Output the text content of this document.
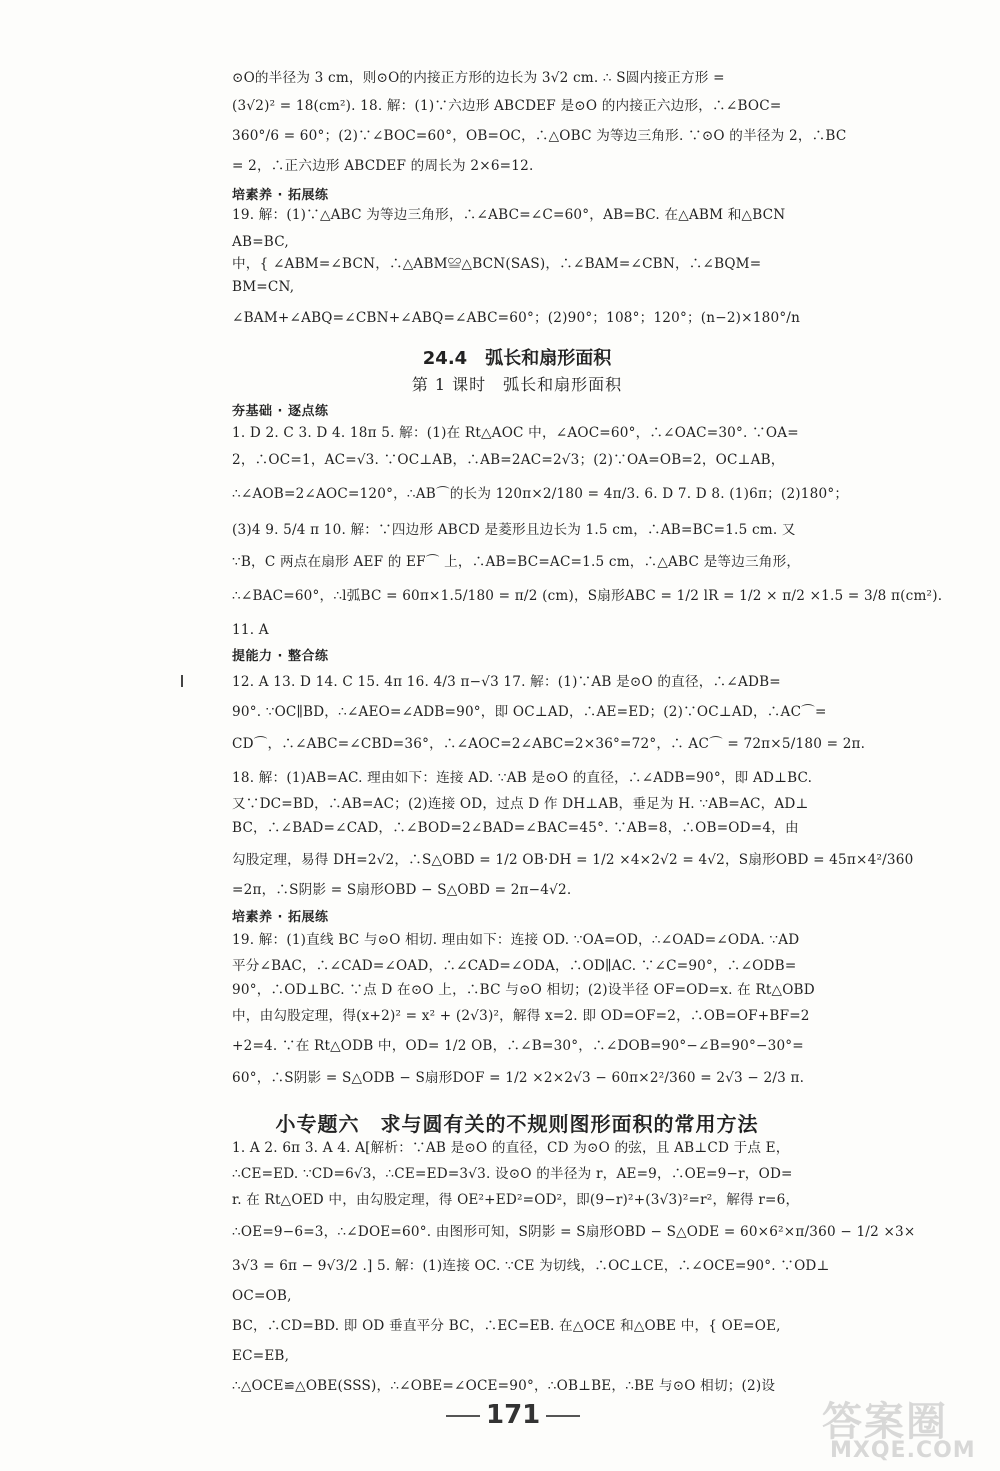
⊙O的半径为 3 cm，则⊙O的内接正方形的边长为 3√2 cm. ∴ S圆内接正方形 =
(3√2)² = 18(cm²). 18. 解：(1)∵六边形 ABCDEF 是⊙O 的内接正六边形，∴∠BOC=
360°/6 = 60°；(2)∵∠BOC=60°，OB=OC，∴△OBC 为等边三角形. ∵⊙O 的半径为 2，∴BC
= 2，∴正六边形 ABCDEF 的周长为 2×6=12.
培素养 · 拓展练
19. 解：(1)∵△ABC 为等边三角形，∴∠ABC=∠C=60°，AB=BC. 在△ABM 和△BCN
AB=BC,
中，{ ∠ABM=∠BCN，∴△ABM≌△BCN(SAS)，∴∠BAM=∠CBN，∴∠BQM=
BM=CN,
∠BAM+∠ABQ=∠CBN+∠ABQ=∠ABC=60°；(2)90°；108°；120°；(n−2)×180°/n
24.4　弧长和扇形面积
第 1 课时　弧长和扇形面积
夯基础 · 逐点练
1. D 2. C 3. D 4. 18π 5. 解：(1)在 Rt△AOC 中，∠AOC=60°，∴∠OAC=30°. ∵OA=
2，∴OC=1，AC=√3. ∵OC⊥AB，∴AB=2AC=2√3；(2)∵OA=OB=2，OC⊥AB，
∴∠AOB=2∠AOC=120°，∴AB⌒的长为 120π×2/180 = 4π/3. 6. D 7. D 8. (1)6π；(2)180°；
(3)4 9. 5/4 π 10. 解：∵四边形 ABCD 是菱形且边长为 1.5 cm，∴AB=BC=1.5 cm. 又
∵B，C 两点在扇形 AEF 的 EF⌒ 上，∴AB=BC=AC=1.5 cm，∴△ABC 是等边三角形，
∴∠BAC=60°，∴l弧BC = 60π×1.5/180 = π/2 (cm)，S扇形ABC = 1/2 lR = 1/2 × π/2 ×1.5 = 3/8 π(cm²).
11. A
提能力 · 整合练
12. A 13. D 14. C 15. 4π 16. 4/3 π−√3 17. 解：(1)∵AB 是⊙O 的直径，∴∠ADB=
90°. ∵OC∥BD，∴∠AEO=∠ADB=90°，即 OC⊥AD，∴AE=ED；(2)∵OC⊥AD，∴AC⌒=
CD⌒，∴∠ABC=∠CBD=36°，∴∠AOC=2∠ABC=2×36°=72°，∴ AC⌒ = 72π×5/180 = 2π.
18. 解：(1)AB=AC. 理由如下：连接 AD. ∵AB 是⊙O 的直径，∴∠ADB=90°，即 AD⊥BC.
又∵DC=BD，∴AB=AC；(2)连接 OD，过点 D 作 DH⊥AB，垂足为 H. ∵AB=AC，AD⊥
BC，∴∠BAD=∠CAD，∴∠BOD=2∠BAD=∠BAC=45°. ∵AB=8，∴OB=OD=4，由
勾股定理，易得 DH=2√2，∴S△OBD = 1/2 OB·DH = 1/2 ×4×2√2 = 4√2，S扇形OBD = 45π×4²/360
=2π，∴S阴影 = S扇形OBD − S△OBD = 2π−4√2.
培素养 · 拓展练
19. 解：(1)直线 BC 与⊙O 相切. 理由如下：连接 OD. ∵OA=OD，∴∠OAD=∠ODA. ∵AD
平分∠BAC，∴∠CAD=∠OAD，∴∠CAD=∠ODA，∴OD∥AC. ∵∠C=90°，∴∠ODB=
90°，∴OD⊥BC. ∵点 D 在⊙O 上，∴BC 与⊙O 相切；(2)设半径 OF=OD=x. 在 Rt△OBD
中，由勾股定理，得(x+2)² = x² + (2√3)²，解得 x=2. 即 OD=OF=2，∴OB=OF+BF=2
+2=4. ∵在 Rt△ODB 中，OD= 1/2 OB，∴∠B=30°，∴∠DOB=90°−∠B=90°−30°=
60°，∴S阴影 = S△ODB − S扇形DOF = 1/2 ×2×2√3 − 60π×2²/360 = 2√3 − 2/3 π.
小专题六　求与圆有关的不规则图形面积的常用方法
1. A 2. 6π 3. A 4. A[解析：∵AB 是⊙O 的直径，CD 为⊙O 的弦，且 AB⊥CD 于点 E，
∴CE=ED. ∵CD=6√3，∴CE=ED=3√3. 设⊙O 的半径为 r，AE=9，∴OE=9−r，OD=
r. 在 Rt△OED 中，由勾股定理，得 OE²+ED²=OD²，即(9−r)²+(3√3)²=r²，解得 r=6，
∴OE=9−6=3，∴∠DOE=60°. 由图形可知，S阴影 = S扇形OBD − S△ODE = 60×6²×π/360 − 1/2 ×3×
3√3 = 6π − 9√3/2 .] 5. 解：(1)连接 OC. ∵CE 为切线，∴OC⊥CE，∴∠OCE=90°. ∵OD⊥
OC=OB,
BC，∴CD=BD. 即 OD 垂直平分 BC，∴EC=EB. 在△OCE 和△OBE 中，{ OE=OE,
EC=EB,
∴△OCE≌△OBE(SSS)，∴∠OBE=∠OCE=90°，∴OB⊥BE，∴BE 与⊙O 相切；(2)设
171	答案圈
MXQE.COM
